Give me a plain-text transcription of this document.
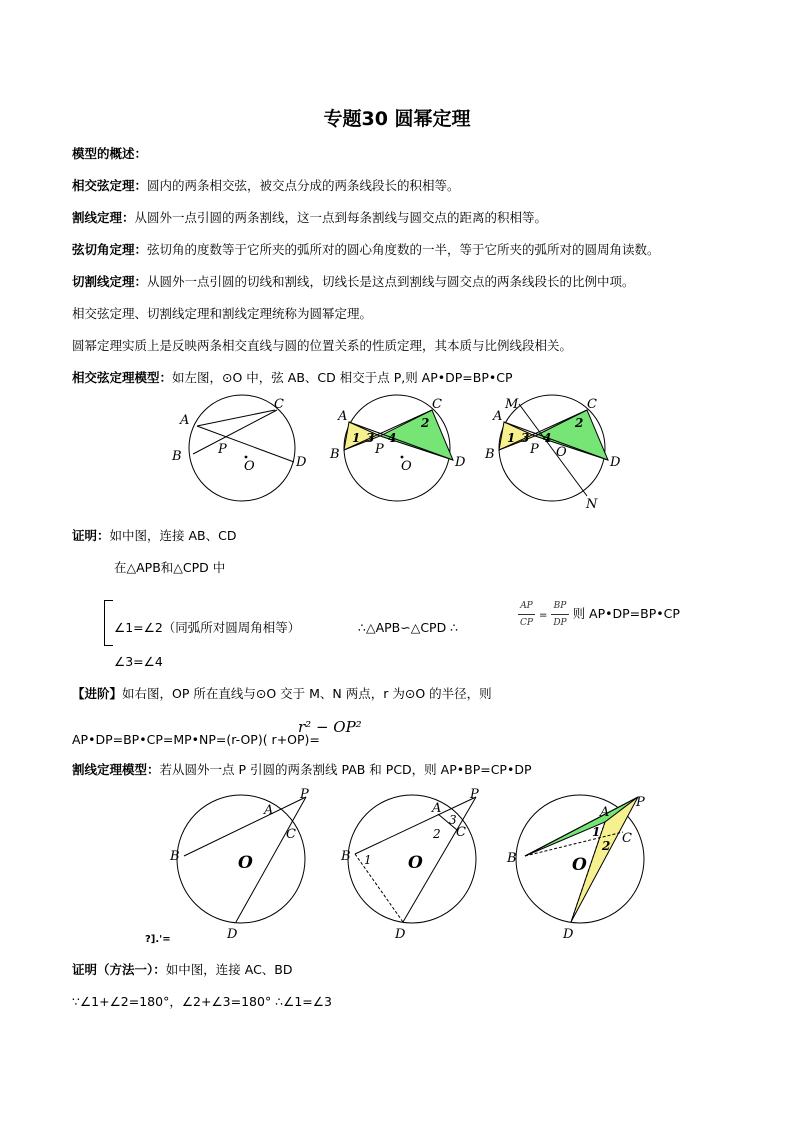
专题30 圆幂定理
模型的概述：
相交弦定理：圆内的两条相交弦，被交点分成的两条线段长的积相等。
割线定理：从圆外一点引圆的两条割线，这一点到每条割线与圆交点的距离的积相等。
弦切角定理：弦切角的度数等于它所夹的弧所对的圆心角度数的一半，等于它所夹的弧所对的圆周角读数。
切割线定理：从圆外一点引圆的切线和割线，切线长是这点到割线与圆交点的两条线段长的比例中项。
相交弦定理、切割线定理和割线定理统称为圆幂定理。
圆幂定理实质上是反映两条相交直线与圆的位置关系的性质定理，其本质与比例线段相关。
相交弦定理模型：如左图，⊙O 中，弦 AB、CD 相交于点 P,则 AP•DP=BP•CP
A
C
B	P
O	D
A
C
B	P
O	D
1 3 4
2
M
A
C
B	P O
D
N
1 3 4
2
证明：如中图，连接 AB、CD
在△APB和△CPD 中
∠1=∠2（同弧所对圆周角相等）
∠3=∠4
∴△APB∽△CPD ∴	$\frac{AP}{CP} = \frac{BP}{DP}$ 则 AP•DP=BP•CP
【进阶】如右图，OP 所在直线与⊙O 交于 M、N 两点，r 为⊙O 的半径，则
AP•DP=BP•CP=MP•NP=(r-OP)( r+OP)=
r² − OP²
割线定理模型：若从圆外一点 P 引圆的两条割线 PAB 和 PCD，则 AP•BP=CP•DP
B
A
P
C
O
D
B
A
P
C
O
D
1
2
3
B
A
P
C
O
D
1
2
?].'=
证明（方法一）：如中图，连接 AC、BD
∵∠1+∠2=180°，∠2+∠3=180° ∴∠1=∠3
